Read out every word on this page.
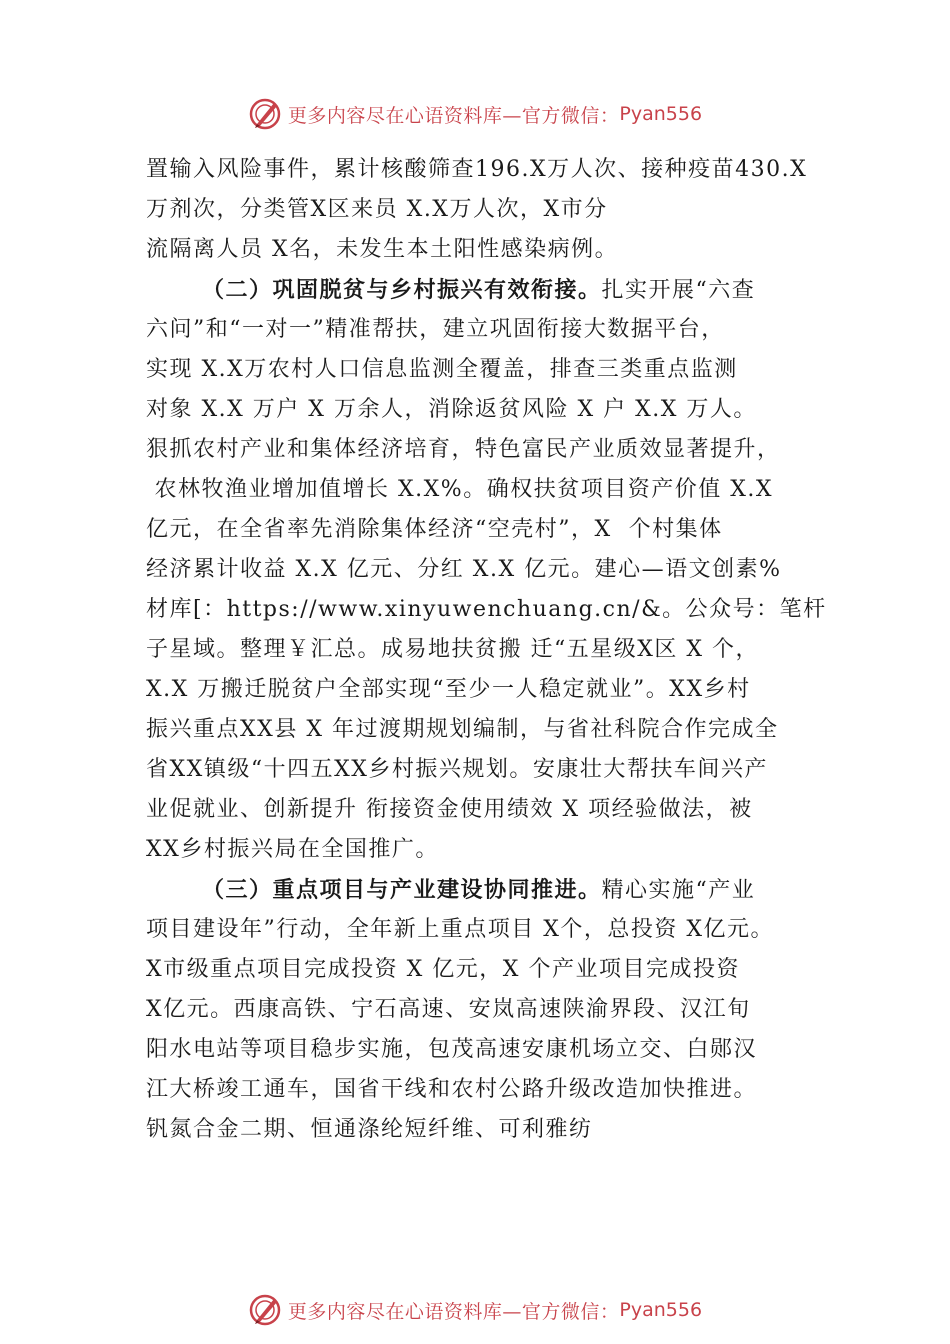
更多内容尽在心语资料库—官方微信： Pyan556
置输入风险事件，累计核酸筛查196.X万人次、接种疫苗430.X
万剂次，分类管X区来员 X.X万人次，X市分
流隔离人员 X名，未发生本土阳性感染病例。
（二）巩固脱贫与乡村振兴有效衔接。扎实开展“六查
六问”和“一对一”精准帮扶，建立巩固衔接大数据平台，
实现 X.X万农村人口信息监测全覆盖，排查三类重点监测
对象 X.X 万户 X 万余人，消除返贫风险 X 户 X.X 万人。
狠抓农村产业和集体经济培育，特色富民产业质效显著提升，
农林牧渔业增加值增长 X.X%。确权扶贫项目资产价值 X.X
亿元，在全省率先消除集体经济“空壳村”，X  个村集体
经济累计收益 X.X 亿元、分红 X.X 亿元。建心—语文创素%
材库[：https://www.xinyuwenchuang.cn/&。公众号：笔杆
子星域。整理￥汇总。成易地扶贫搬 迁“五星级X区 X 个，
X.X 万搬迁脱贫户全部实现“至少一人稳定就业”。XX乡村
振兴重点XX县 X 年过渡期规划编制，与省社科院合作完成全
省XX镇级“十四五XX乡村振兴规划。安康壮大帮扶车间兴产
业促就业、创新提升 衔接资金使用绩效 X 项经验做法，被
XX乡村振兴局在全国推广。
（三）重点项目与产业建设协同推进。精心实施“产业
项目建设年”行动，全年新上重点项目 X个，总投资 X亿元。
X市级重点项目完成投资 X 亿元，X 个产业项目完成投资
X亿元。西康高铁、宁石高速、安岚高速陕渝界段、汉江旬
阳水电站等项目稳步实施，包茂高速安康机场立交、白郧汉
江大桥竣工通车，国省干线和农村公路升级改造加快推进。
钒氮合金二期、恒通涤纶短纤维、可利雅纺
更多内容尽在心语资料库—官方微信： Pyan556
